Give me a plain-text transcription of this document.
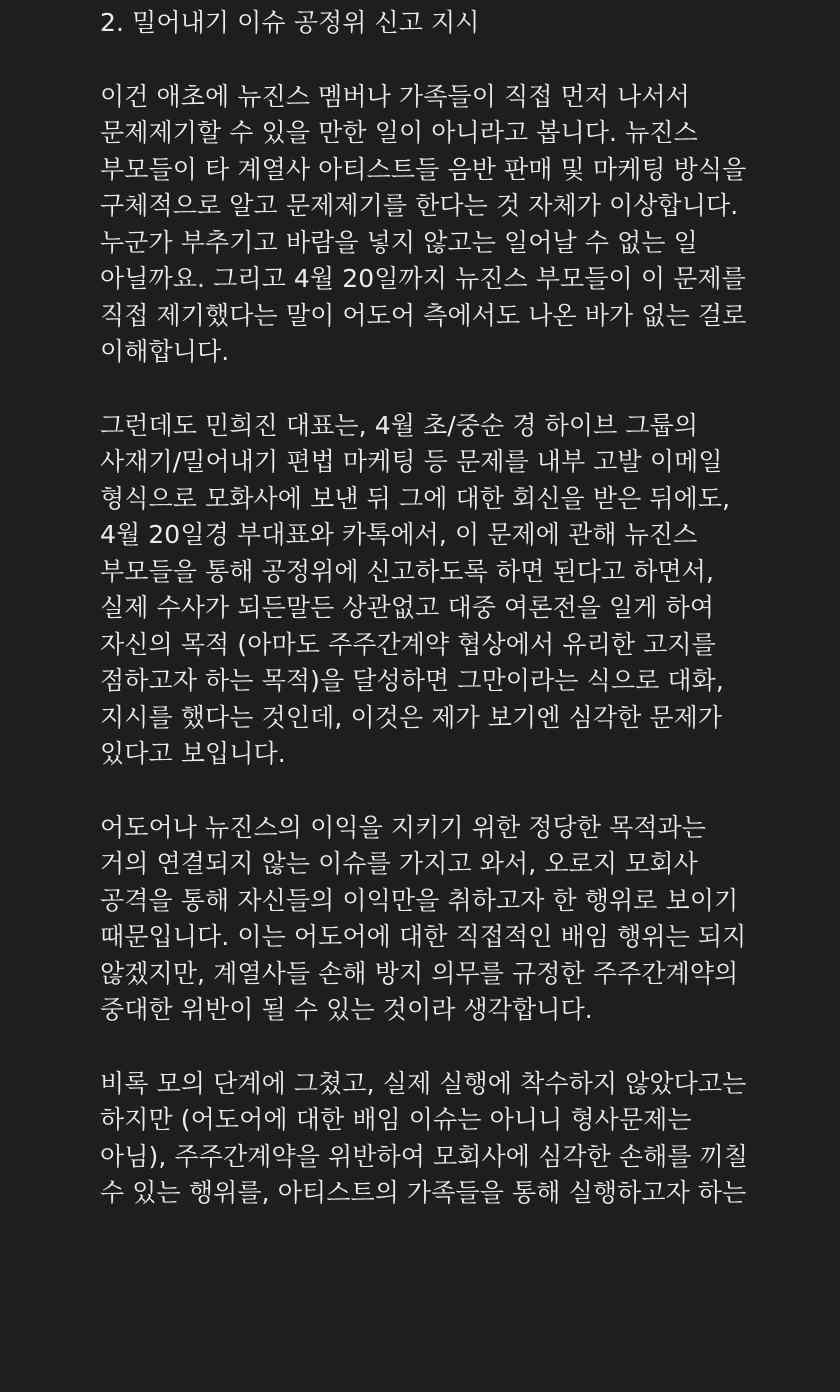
2. 밀어내기 이슈 공정위 신고 지시
이건 애초에 뉴진스 멤버나 가족들이 직접 먼저 나서서
문제제기할 수 있을 만한 일이 아니라고 봅니다. 뉴진스
부모들이 타 계열사 아티스트들 음반 판매 및 마케팅 방식을
구체적으로 알고 문제제기를 한다는 것 자체가 이상합니다.
누군가 부추기고 바람을 넣지 않고는 일어날 수 없는 일
아닐까요. 그리고 4월 20일까지 뉴진스 부모들이 이 문제를
직접 제기했다는 말이 어도어 측에서도 나온 바가 없는 걸로
이해합니다.
그런데도 민희진 대표는, 4월 초/중순 경 하이브 그룹의
사재기/밀어내기 편법 마케팅 등 문제를 내부 고발 이메일
형식으로 모화사에 보낸 뒤 그에 대한 회신을 받은 뒤에도,
4월 20일경 부대표와 카톡에서, 이 문제에 관해 뉴진스
부모들을 통해 공정위에 신고하도록 하면 된다고 하면서,
실제 수사가 되든말든 상관없고 대중 여론전을 일게 하여
자신의 목적 (아마도 주주간계약 협상에서 유리한 고지를
점하고자 하는 목적)을 달성하면 그만이라는 식으로 대화,
지시를 했다는 것인데, 이것은 제가 보기엔 심각한 문제가
있다고 보입니다.
어도어나 뉴진스의 이익을 지키기 위한 정당한 목적과는
거의 연결되지 않는 이슈를 가지고 와서, 오로지 모회사
공격을 통해 자신들의 이익만을 취하고자 한 행위로 보이기
때문입니다. 이는 어도어에 대한 직접적인 배임 행위는 되지
않겠지만, 계열사들 손해 방지 의무를 규정한 주주간계약의
중대한 위반이 될 수 있는 것이라 생각합니다.
비록 모의 단계에 그쳤고, 실제 실행에 착수하지 않았다고는
하지만 (어도어에 대한 배임 이슈는 아니니 형사문제는
아님), 주주간계약을 위반하여 모회사에 심각한 손해를 끼칠
수 있는 행위를, 아티스트의 가족들을 통해 실행하고자 하는
